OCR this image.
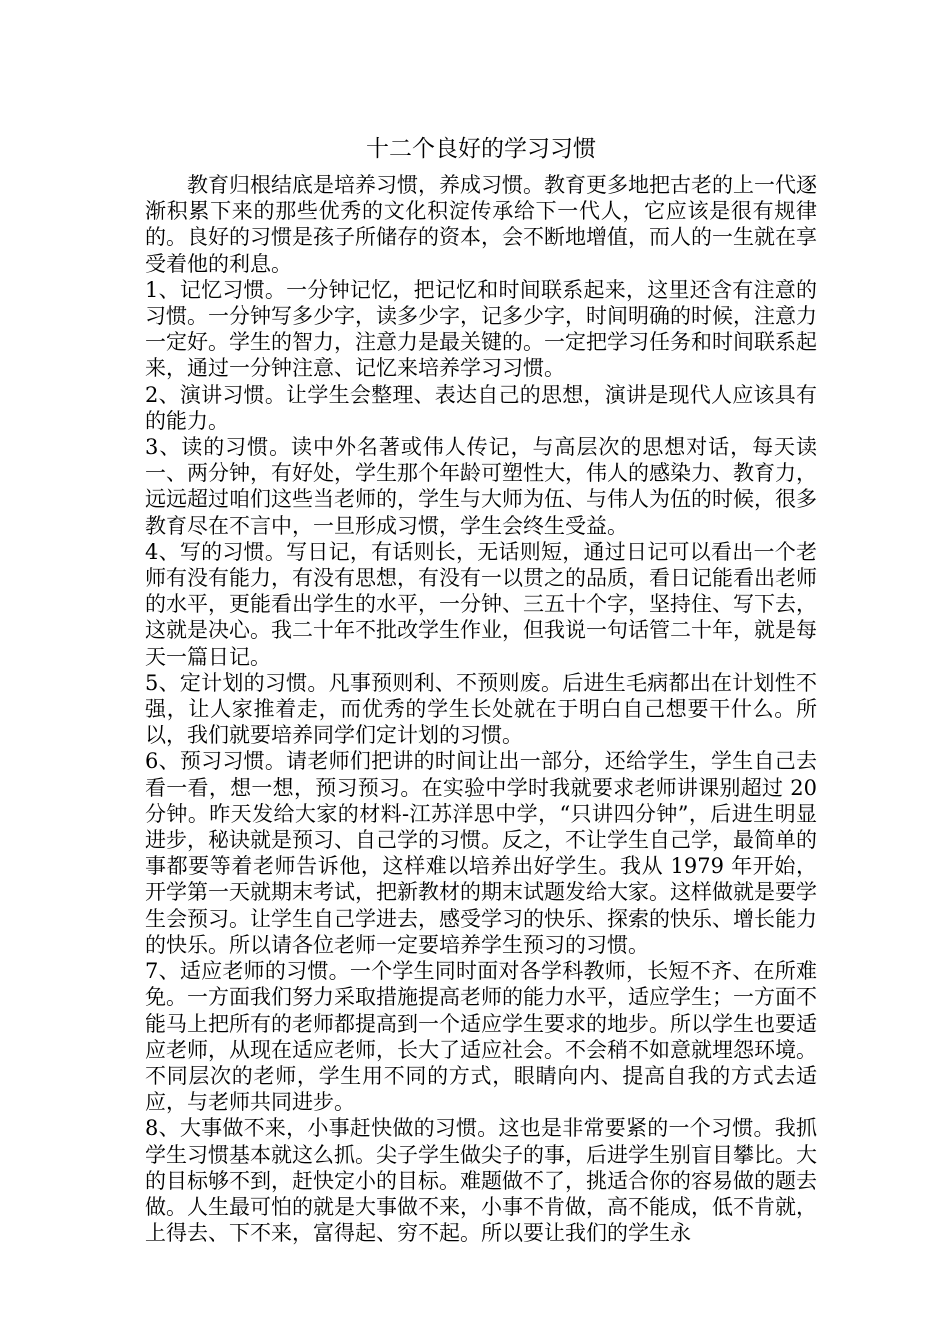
十二个良好的学习习惯

教育归根结底是培养习惯，养成习惯。教育更多地把古老的上一代逐渐积累下来的那些优秀的文化积淀传承给下一代人，它应该是很有规律的。良好的习惯是孩子所储存的资本，会不断地增值，而人的一生就在享受着他的利息。

1、记忆习惯。一分钟记忆，把记忆和时间联系起来，这里还含有注意的习惯。一分钟写多少字，读多少字，记多少字，时间明确的时候，注意力一定好。学生的智力，注意力是最关键的。一定把学习任务和时间联系起来，通过一分钟注意、记忆来培养学习习惯。

2、演讲习惯。让学生会整理、表达自己的思想，演讲是现代人应该具有的能力。

3、读的习惯。读中外名著或伟人传记，与高层次的思想对话，每天读一、两分钟，有好处，学生那个年龄可塑性大，伟人的感染力、教育力，远远超过咱们这些当老师的，学生与大师为伍、与伟人为伍的时候，很多教育尽在不言中，一旦形成习惯，学生会终生受益。

4、写的习惯。写日记，有话则长，无话则短，通过日记可以看出一个老师有没有能力，有没有思想，有没有一以贯之的品质，看日记能看出老师的水平，更能看出学生的水平，一分钟、三五十个字，坚持住、写下去，这就是决心。我二十年不批改学生作业，但我说一句话管二十年，就是每天一篇日记。

5、定计划的习惯。凡事预则利、不预则废。后进生毛病都出在计划性不强，让人家推着走，而优秀的学生长处就在于明白自己想要干什么。所以，我们就要培养同学们定计划的习惯。

6、预习习惯。请老师们把讲的时间让出一部分，还给学生，学生自己去看一看，想一想，预习预习。在实验中学时我就要求老师讲课别超过 20 分钟。昨天发给大家的材料-江苏洋思中学，“只讲四分钟”，后进生明显进步，秘诀就是预习、自己学的习惯。反之，不让学生自己学，最简单的事都要等着老师告诉他，这样难以培养出好学生。我从 1979 年开始，开学第一天就期末考试，把新教材的期末试题发给大家。这样做就是要学生会预习。让学生自己学进去，感受学习的快乐、探索的快乐、增长能力的快乐。所以请各位老师一定要培养学生预习的习惯。

7、适应老师的习惯。一个学生同时面对各学科教师，长短不齐、在所难免。一方面我们努力采取措施提高老师的能力水平，适应学生；一方面不能马上把所有的老师都提高到一个适应学生要求的地步。所以学生也要适应老师，从现在适应老师，长大了适应社会。不会稍不如意就埋怨环境。不同层次的老师，学生用不同的方式，眼睛向内、提高自我的方式去适应，与老师共同进步。

8、大事做不来，小事赶快做的习惯。这也是非常要紧的一个习惯。我抓学生习惯基本就这么抓。尖子学生做尖子的事，后进学生别盲目攀比。大的目标够不到，赶快定小的目标。难题做不了，挑适合你的容易做的题去做。人生最可怕的就是大事做不来，小事不肯做，高不能成，低不肯就，上得去、下不来，富得起、穷不起。所以要让我们的学生永
